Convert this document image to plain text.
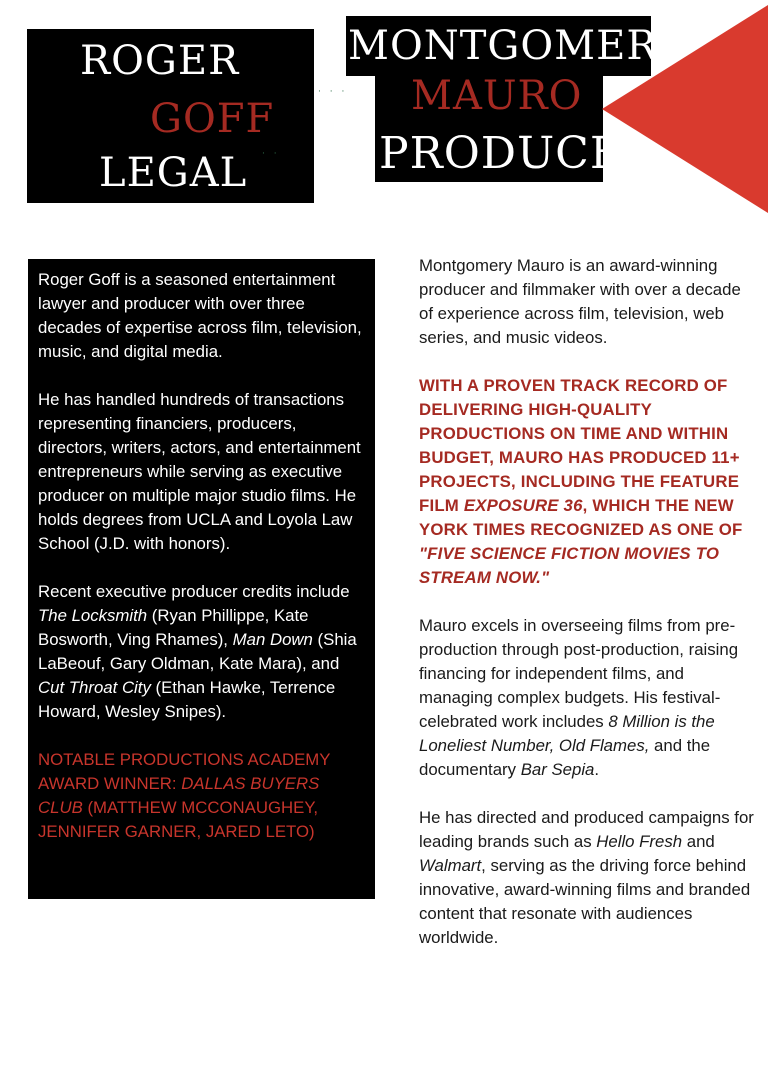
ROGER
GOFF
LEGAL
MONTGOMERY
MAURO
PRODUCER
· · ·
· ·

Roger Goff is a seasoned entertainment lawyer and producer with over three decades of expertise across film, television, music, and digital media.

He has handled hundreds of transactions representing financiers, producers, directors, writers, actors, and entertainment entrepreneurs while serving as executive producer on multiple major studio films. He holds degrees from UCLA and Loyola Law School (J.D. with honors).

Recent executive producer credits include The Locksmith (Ryan Phillippe, Kate Bosworth, Ving Rhames), Man Down (Shia LaBeouf, Gary Oldman, Kate Mara), and Cut Throat City (Ethan Hawke, Terrence Howard, Wesley Snipes).

NOTABLE PRODUCTIONS ACADEMY AWARD WINNER: DALLAS BUYERS CLUB (MATTHEW MCCONAUGHEY, JENNIFER GARNER, JARED LETO)

Montgomery Mauro is an award-winning producer and filmmaker with over a decade of experience across film, television, web series, and music videos.

WITH A PROVEN TRACK RECORD OF DELIVERING HIGH-QUALITY PRODUCTIONS ON TIME AND WITHIN BUDGET, MAURO HAS PRODUCED 11+ PROJECTS, INCLUDING THE FEATURE FILM EXPOSURE 36, WHICH THE NEW YORK TIMES RECOGNIZED AS ONE OF "FIVE SCIENCE FICTION MOVIES TO STREAM NOW."

Mauro excels in overseeing films from pre-production through post-production, raising financing for independent films, and managing complex budgets. His festival-celebrated work includes 8 Million is the Loneliest Number, Old Flames, and the documentary Bar Sepia.

He has directed and produced campaigns for leading brands such as Hello Fresh and Walmart, serving as the driving force behind innovative, award-winning films and branded content that resonate with audiences worldwide.
